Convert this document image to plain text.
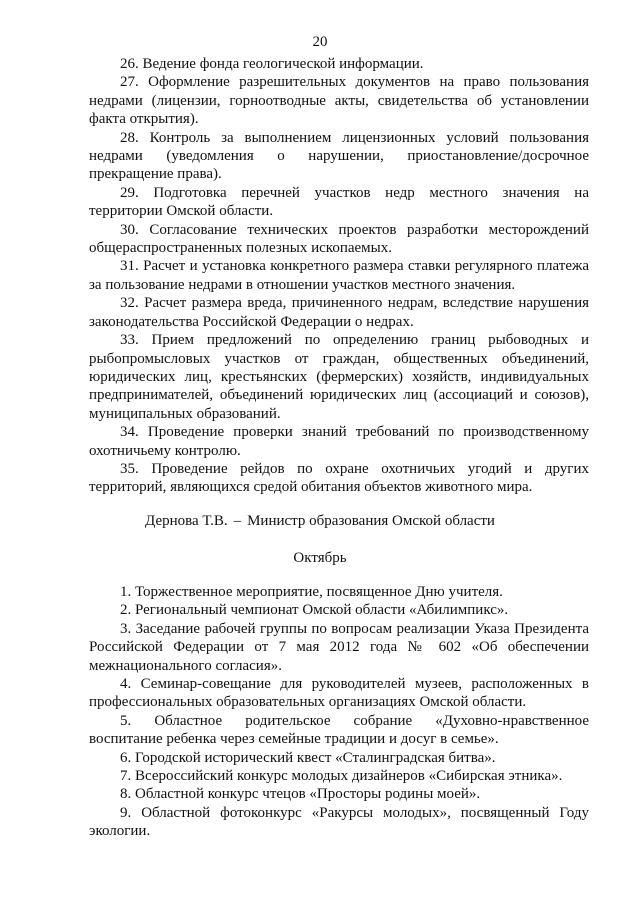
20

26. Ведение фонда геологической информации.

27. Оформление разрешительных документов на право пользования недрами (лицензии, горноотводные акты, свидетельства об установлении факта открытия).

28. Контроль за выполнением лицензионных условий пользования недрами (уведомления о нарушении, приостановление/досрочное прекращение права).

29. Подготовка перечней участков недр местного значения на территории Омской области.

30. Согласование технических проектов разработки месторождений общераспространенных полезных ископаемых.

31. Расчет и установка конкретного размера ставки регулярного платежа за пользование недрами в отношении участков местного значения.

32. Расчет размера вреда, причиненного недрам, вследствие нарушения законодательства Российской Федерации о недрах.

33. Прием предложений по определению границ рыбоводных и рыбопромысловых участков от граждан, общественных объединений, юридических лиц, крестьянских (фермерских) хозяйств, индивидуальных предпринимателей, объединений юридических лиц (ассоциаций и союзов), муниципальных образований.

34. Проведение проверки знаний требований по производственному охотничьему контролю.

35. Проведение рейдов по охране охотничьих угодий и других территорий, являющихся средой обитания объектов животного мира.

Дернова Т.В. – Министр образования Омской области
Октябрь

1. Торжественное мероприятие, посвященное Дню учителя.

2. Региональный чемпионат Омской области «Абилимпикс».

3. Заседание рабочей группы по вопросам реализации Указа Президента Российской Федерации от 7 мая 2012 года № 602 «Об обеспечении межнационального согласия».

4. Семинар-совещание для руководителей музеев, расположенных в профессиональных образовательных организациях Омской области.

5. Областное родительское собрание «Духовно-нравственное воспитание ребенка через семейные традиции и досуг в семье».

6. Городской исторический квест «Сталинградская битва».

7. Всероссийский конкурс молодых дизайнеров «Сибирская этника».

8. Областной конкурс чтецов «Просторы родины моей».

9. Областной фотоконкурс «Ракурсы молодых», посвященный Году экологии.
